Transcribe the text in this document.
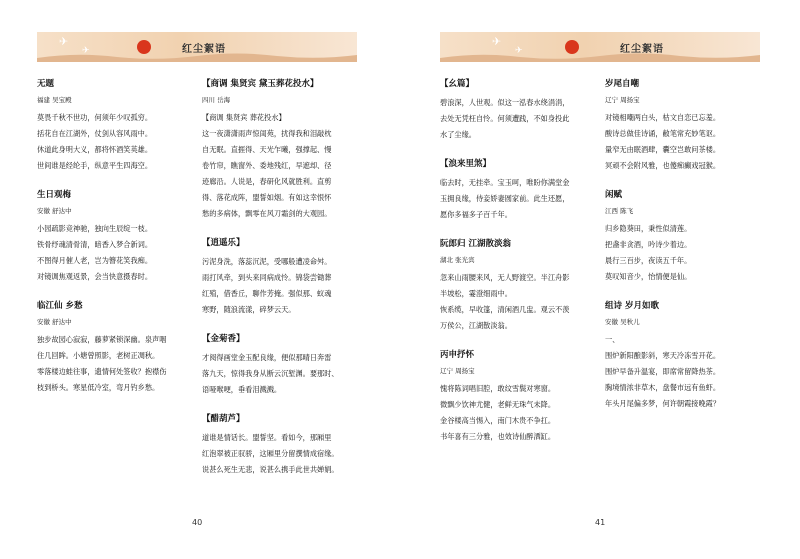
✈
✈	红尘絮语
无题
福建 吴宝殿
莫畏千秋不世功，何须年少叹孤穷。
括花自在江湖外，仗剑从容风雨中。
休道此身明大义，都将怀酒笑英雄。
世间谁是经纶手，纵意平生四海空。
生日观梅
安徽 舒达中
小园疏影竞神驰，独向生辰绽一枝。
铁骨纾魂清骨清，暗香入梦合新词。
不图得月催人老，岂为簪花笑我痴。
对镜调焦观返景，会当快意摄春时。
临江仙 乡愁
安徽 舒达中
独步故园心寂寂，藤萝紧锁深幽。泉声咽
住几回眸。小塘曾照影，老树正凋秋。
零落楼边蛙往事，遗情何处签收？抱襟伤
枝到桥头。寒星低冷室，弯月钓乡愁。
【商调 集贤宾 黛玉葬花投水】
四川 岳海
【商调 集贤宾 葬花投水】
这一夜潇潇雨声惊闺苑，扰得我和泪敲枕
自无眠。直捱得、天光乍曦，强撑起、慢
卷竹帘，瞧窗外、委地残红，早遮却、径
迹廊沿。人说是，春研化风就胜利。直剪
得、落花成阵，盟誓如烟。有如这幸恨怀
愁的多病体，飘零在风刀霜剑的大观园。
【逍遥乐】
污泥身洗，落蕊沉泥，受哪般遭凌命舛。
雨打风牵，到头来同病成怜。锦袋尝锄葬
红殖，借香丘，聊作芳掩。强似那、蚁魂
寒野，随浪流漾，碎梦云天。
【金菊香】
才阅得画堂金玉配良缘，便似那晴日奔雷
落九天，惊得我身从断云沉堑渊。要那时、
语哑喉哽，垂看泪溅溅。
【醋葫芦】
道谁是情话长。盟誓坚。看如今，那厢里
红泡翠被正驭骄，这厢里分留撰情成宿缘。
说甚么死生无悲，说甚么携手此世共婵娟。
40
✈
✈	红尘絮语
【幺篇】
碧浪深，人世观。似这一泓春水绕涓涓，
去处无凭枉自怜。何须遭践，不如身投此
水了尘缘。
【浪来里煞】
临去时，无挂牵。宝玉呵，唯盼你满堂金
玉拥良缘，侍妾娇妻圆家前。此生还愿，
愿你多福多子百千年。
阮郎归 江湖散淡翁
湖北 张光宾
忽来山雨腰来风，无人野渡空。半江舟影
半坡松，霎澄细雨中。
恢系缆，早收篷，清闲酒几盅。观云不羡
万侯公，江湖散淡翁。
丙申抒怀
辽宁 周扬宝
愧将陈词唱旧腔，敢纹雪鬓对寒窗。
微飘少饮神尤健，老鲜无珠气未降。
金谷楼高当惕入，南门木贵不争扛。
书年喜有三分雅，也效诗仙醉洒缸。
岁尾自嘲
辽宁 周扬宝
对镜相嘲两白头，枯文自恋已忘羞。
酸诗总做佳诗诵，敝笔常充妙笔讴。
量窄无由眠酒肆，囊空岂敢问茶楼。
冥顽不会附风雅，也傻痴癫戏冠猴。
闲赋
江西 陈飞
归乡隐葵田，秉性似清莲。
把盏非贪酒，吟诗少着边。
晨行三百步，夜读五千年。
莫叹知音少，怡情便是仙。
组诗 岁月如歌
安徽 吴秋儿
一、
围炉新阳酿影斜，寒天冷冻雪开花。
围炉早备升温宴，即席常留降热茶。
胸境情浓非草木，盘餐市远有鱼虾。
年头月尾偏多梦，何许朝霞接晚霞？
41
